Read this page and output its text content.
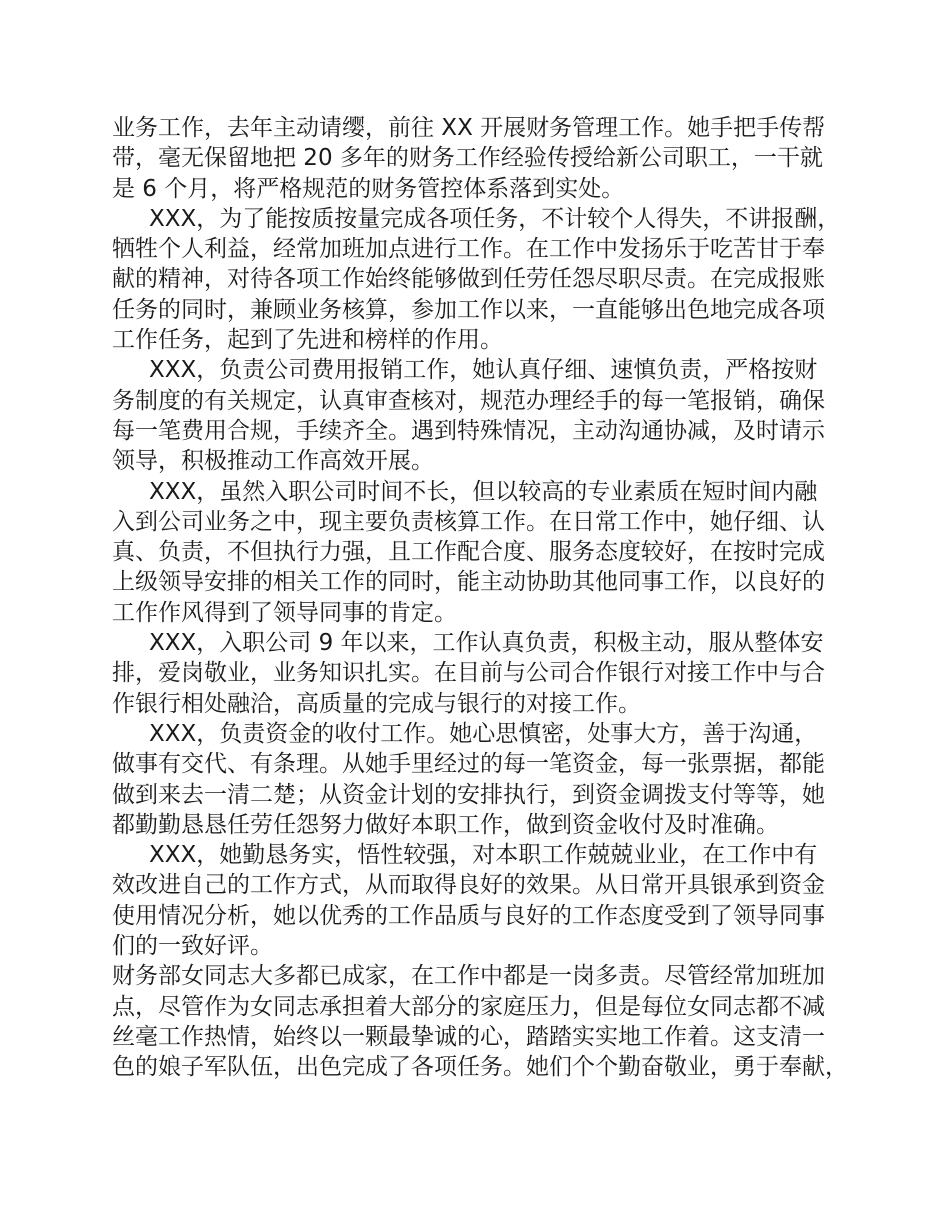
业务工作，去年主动请缨，前往 XX 开展财务管理工作。她手把手传帮
带，毫无保留地把 20 多年的财务工作经验传授给新公司职工，一干就
是 6 个月，将严格规范的财务管控体系落到实处。
XXX，为了能按质按量完成各项任务，不计较个人得失，不讲报酬，
牺牲个人利益，经常加班加点进行工作。在工作中发扬乐于吃苦甘于奉
献的精神，对待各项工作始终能够做到任劳任怨尽职尽责。在完成报账
任务的同时，兼顾业务核算，参加工作以来，一直能够出色地完成各项
工作任务，起到了先进和榜样的作用。
XXX，负责公司费用报销工作，她认真仔细、速慎负责，严格按财
务制度的有关规定，认真审查核对，规范办理经手的每一笔报销，确保
每一笔费用合规，手续齐全。遇到特殊情况，主动沟通协减，及时请示
领导，积极推动工作高效开展。
XXX，虽然入职公司时间不长，但以较高的专业素质在短时间内融
入到公司业务之中，现主要负责核算工作。在日常工作中，她仔细、认
真、负责，不但执行力强，且工作配合度、服务态度较好，在按时完成
上级领导安排的相关工作的同时，能主动协助其他同事工作，以良好的
工作作风得到了领导同事的肯定。
XXX，入职公司 9 年以来，工作认真负责，积极主动，服从整体安
排，爱岗敬业，业务知识扎实。在目前与公司合作银行对接工作中与合
作银行相处融洽，高质量的完成与银行的对接工作。
XXX，负责资金的收付工作。她心思慎密，处事大方，善于沟通，
做事有交代、有条理。从她手里经过的每一笔资金，每一张票据，都能
做到来去一清二楚；从资金计划的安排执行，到资金调拨支付等等，她
都勤勤恳恳任劳任怨努力做好本职工作，做到资金收付及时准确。
XXX，她勤恳务实，悟性较强，对本职工作兢兢业业，在工作中有
效改进自己的工作方式，从而取得良好的效果。从日常开具银承到资金
使用情况分析，她以优秀的工作品质与良好的工作态度受到了领导同事
们的一致好评。
财务部女同志大多都已成家，在工作中都是一岗多责。尽管经常加班加
点，尽管作为女同志承担着大部分的家庭压力，但是每位女同志都不减
丝毫工作热情，始终以一颗最挚诚的心，踏踏实实地工作着。这支清一
色的娘子军队伍，出色完成了各项任务。她们个个勤奋敬业，勇于奉献，
